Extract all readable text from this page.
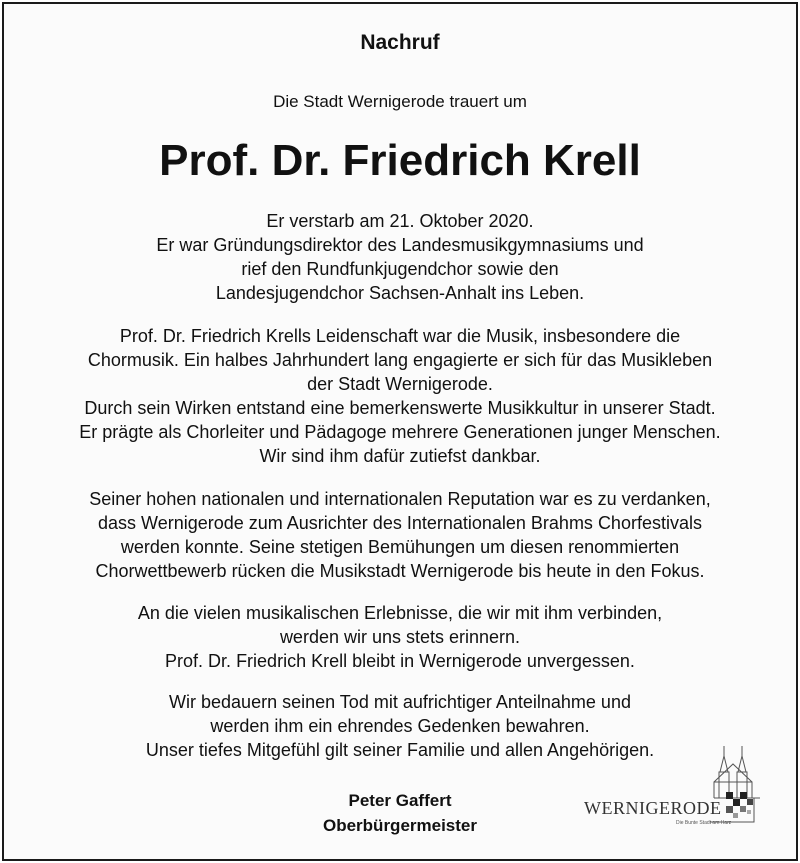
Nachruf
Die Stadt Wernigerode trauert um
Prof. Dr. Friedrich Krell
Er verstarb am 21. Oktober 2020.
Er war Gründungsdirektor des Landesmusikgymnasiums und
rief den Rundfunkjugendchor sowie den
Landesjugendchor Sachsen-Anhalt ins Leben.
Prof. Dr. Friedrich Krells Leidenschaft war die Musik, insbesondere die
Chormusik. Ein halbes Jahrhundert lang engagierte er sich für das Musikleben
der Stadt Wernigerode.
Durch sein Wirken entstand eine bemerkenswerte Musikkultur in unserer Stadt.
Er prägte als Chorleiter und Pädagoge mehrere Generationen junger Menschen.
Wir sind ihm dafür zutiefst dankbar.
Seiner hohen nationalen und internationalen Reputation war es zu verdanken,
dass Wernigerode zum Ausrichter des Internationalen Brahms Chorfestivals
werden konnte. Seine stetigen Bemühungen um diesen renommierten
Chorwettbewerb rücken die Musikstadt Wernigerode bis heute in den Fokus.
An die vielen musikalischen Erlebnisse, die wir mit ihm verbinden,
werden wir uns stets erinnern.
Prof. Dr. Friedrich Krell bleibt in Wernigerode unvergessen.
Wir bedauern seinen Tod mit aufrichtiger Anteilnahme und
werden ihm ein ehrendes Gedenken bewahren.
Unser tiefes Mitgefühl gilt seiner Familie und allen Angehörigen.
Peter Gaffert
Oberbürgermeister
WERNIGERODE
Die Bunte Stadt am Harz
